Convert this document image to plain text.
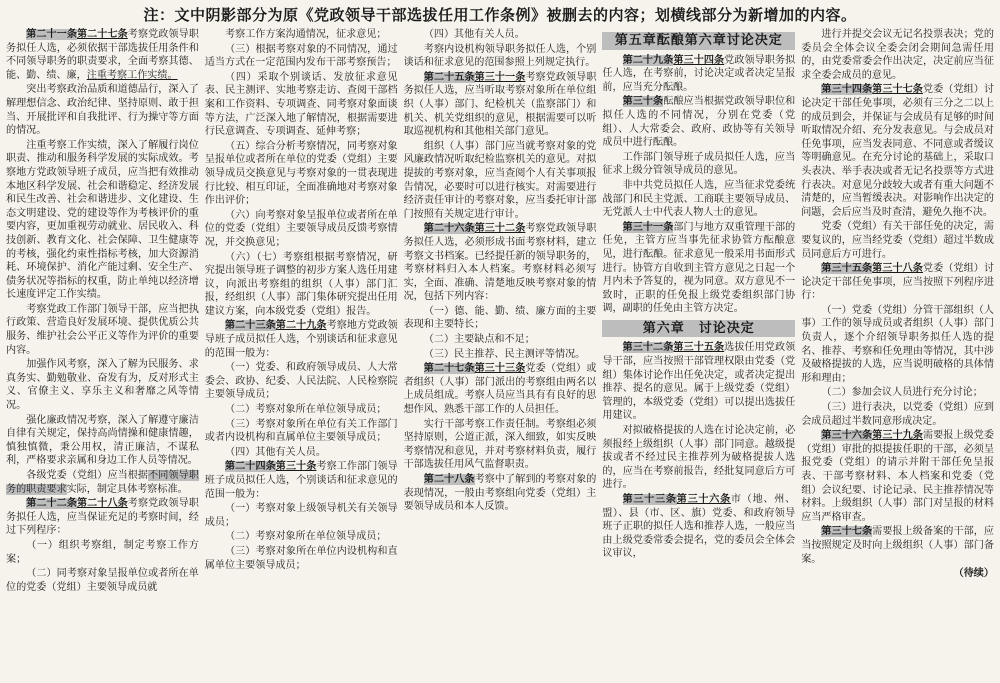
注：文中阴影部分为原《党政领导干部选拔任用工作条例》被删去的内容；划横线部分为新增加的内容。

第二十一条第二十七条考察党政领导职务拟任人选，必须依据干部选拔任用条件和不同领导职务的职责要求，全面考察其德、能、勤、绩、廉，注重考察工作实绩。

突出考察政治品质和道德品行，深入了解理想信念、政治纪律、坚持原则、敢于担当、开展批评和自我批评、行为操守等方面的情况。

注重考察工作实绩，深入了解履行岗位职责、推动和服务科学发展的实际成效。考察地方党政领导班子成员，应当把有效推动本地区科学发展、社会和谐稳定、经济发展和民生改善、社会和谐进步、文化建设、生态文明建设、党的建设等作为考核评价的重要内容，更加重视劳动就业、居民收入、科技创新、教育文化、社会保障、卫生健康等的考核，强化约束性指标考核，加大资源消耗、环境保护、消化产能过剩、安全生产、债务状况等指标的权重，防止单纯以经济增长速度评定工作实绩。

考察党政工作部门领导干部，应当把执行政策、营造良好发展环境、提供优质公共服务、维护社会公平正义等作为评价的重要内容。

加强作风考察，深入了解为民服务、求真务实、勤勉敬业、奋发有为，反对形式主义、官僚主义、享乐主义和奢靡之风等情况。

强化廉政情况考察，深入了解遵守廉洁自律有关规定，保持高尚情操和健康情趣，慎独慎微，秉公用权，清正廉洁，不谋私利，严格要求亲属和身边工作人员等情况。

各级党委（党组）应当根据不同领导职务的职责要求实际，制定具体考察标准。

第二十二条第二十八条考察党政领导职务拟任人选，应当保证充足的考察时间，经过下列程序：

（一）组织考察组，制定考察工作方案；

（二）同考察对象呈报单位或者所在单位的党委（党组）主要领导成员就

考察工作方案沟通情况，征求意见；

（三）根据考察对象的不同情况，通过适当方式在一定范围内发布干部考察预告；

（四）采取个别谈话、发放征求意见表、民主测评、实地考察走访、查阅干部档案和工作资料、专项调查、同考察对象面谈等方法，广泛深入地了解情况，根据需要进行民意调查、专项调查、延伸考察；

（五）综合分析考察情况，同考察对象呈报单位或者所在单位的党委（党组）主要领导成员交换意见与考察对象的一贯表现进行比较、相互印证，全面准确地对考察对象作出评价；

（六）向考察对象呈报单位或者所在单位的党委（党组）主要领导成员反馈考察情况，并交换意见；

（六）（七）考察组根据考察情况，研究提出领导班子调整的初步方案人选任用建议，向派出考察组的组织（人事）部门汇报，经组织（人事）部门集体研究提出任用建议方案，向本级党委（党组）报告。

第二十三条第二十九条考察地方党政领导班子成员拟任人选，个别谈话和征求意见的范围一般为：

（一）党委、和政府领导成员、人大常委会、政协、纪委、人民法院、人民检察院主要领导成员；

（二）考察对象所在单位领导成员；

（三）考察对象所在单位有关工作部门或者内设机构和直属单位主要领导成员；

（四）其他有关人员。

第二十四条第三十条考察工作部门领导班子成员拟任人选，个别谈话和征求意见的范围一般为：

（一）考察对象上级领导机关有关领导成员；

（二）考察对象所在单位领导成员；

（三）考察对象所在单位内设机构和直属单位主要领导成员；

（四）其他有关人员。

考察内设机构领导职务拟任人选，个别谈话和征求意见的范围参照上列规定执行。

第二十五条第三十一条考察党政领导职务拟任人选，应当听取考察对象所在单位组织（人事）部门、纪检机关（监察部门）和机关、机关党组织的意见，根据需要可以听取巡视机构和其他相关部门意见。

组织（人事）部门应当就考察对象的党风廉政情况听取纪检监察机关的意见。对拟提拔的考察对象，应当查阅个人有关事项报告情况，必要时可以进行核实。对需要进行经济责任审计的考察对象，应当委托审计部门按照有关规定进行审计。

第二十六条第三十二条考察党政领导职务拟任人选，必须形成书面考察材料，建立考察文书档案。已经提任新的领导职务的，考察材料归入本人档案。考察材料必须写实，全面、准确、清楚地反映考察对象的情况，包括下列内容：

（一）德、能、勤、绩、廉方面的主要表现和主要特长；

（二）主要缺点和不足；

（三）民主推荐、民主测评等情况。

第二十七条第三十三条党委（党组）或者组织（人事）部门派出的考察组由两名以上成员组成。考察人员应当具有有良好的思想作风、熟悉干部工作的人员担任。

实行干部考察工作责任制。考察组必须坚持原则，公道正派，深入细致，如实反映考察情况和意见，并对考察材料负责，履行干部选拔任用风气监督职责。

第二十八条考察中了解到的考察对象的表现情况，一般由考察组向党委（党组）主要领导成员和本人反馈。

第五章酝酿第六章讨论决定

第二十九条第三十四条党政领导职务拟任人选，在考察前，讨论决定或者决定呈报前，应当充分酝酿。

第三十条酝酿应当根据党政领导职位和拟任人选的不同情况，分别在党委（党组）、人大常委会、政府、政协等有关领导成员中进行酝酿。

工作部门领导班子成员拟任人选，应当征求上级分管领导成员的意见。

非中共党员拟任人选，应当征求党委统战部门和民主党派、工商联主要领导成员、无党派人士中代表人物人士的意见。

第三十一条部门与地方双重管理干部的任免，主管方应当事先征求协管方酝酿意见，进行酝酿。征求意见一般采用书面形式进行。协管方自收到主管方意见之日起一个月内未予答复的，视为同意。双方意见不一致时，正职的任免报上级党委组织部门协调，副职的任免由主管方决定。

第六章　讨论决定

第三十二条第三十五条选拔任用党政领导干部，应当按照干部管理权限由党委（党组）集体讨论作出任免决定，或者决定提出推荐、提名的意见。属于上级党委（党组）管理的，本级党委（党组）可以提出选拔任用建议。

对拟破格提拔的人选在讨论决定前，必须报经上级组织（人事）部门同意。越级提拔或者不经过民主推荐列为破格提拔人选的，应当在考察前报告，经批复同意后方可进行。

第三十三条第三十六条市（地、州、盟）、县（市、区、旗）党委、和政府领导班子正职的拟任人选和推荐人选，一般应当由上级党委常委会提名，党的委员会全体会议审议，

进行并提交会议无记名投票表决；党的委员会全体会议全委会闭会期间急需任用的，由党委常委会作出决定，决定前应当征求全委会成员的意见。

第三十四条第三十七条党委（党组）讨论决定干部任免事项，必须有三分之二以上的成员到会，并保证与会成员有足够的时间听取情况介绍、充分发表意见。与会成员对任免事项，应当发表同意、不同意或者缓议等明确意见。在充分讨论的基础上，采取口头表决、举手表决或者无记名投票等方式进行表决。对意见分歧较大或者有重大问题不清楚的，应当暂缓表决。对影响作出决定的问题，会后应当及时查清，避免久拖不决。

党委（党组）有关干部任免的决定，需要复议的，应当经党委（党组）超过半数成员同意后方可进行。

第三十五条第三十八条党委（党组）讨论决定干部任免事项，应当按照下列程序进行：

（一）党委（党组）分管干部组织（人事）工作的领导成员或者组织（人事）部门负责人，逐个介绍领导职务拟任人选的提名、推荐、考察和任免理由等情况，其中涉及破格提拔的人选，应当说明破格的具体情形和理由；

（二）参加会议人员进行充分讨论；

（三）进行表决，以党委（党组）应到会成员超过半数同意形成决定。

第三十六条第三十九条需要报上级党委（党组）审批的拟提拔任职的干部，必须呈报党委（党组）的请示并附干部任免呈报表、干部考察材料、本人档案和党委（党组）会议纪要、讨论记录、民主推荐情况等材料。上级组织（人事）部门对呈报的材料应当严格审查。

第三十七条需要报上级备案的干部，应当按照规定及时向上级组织（人事）部门备案。

（待续）
